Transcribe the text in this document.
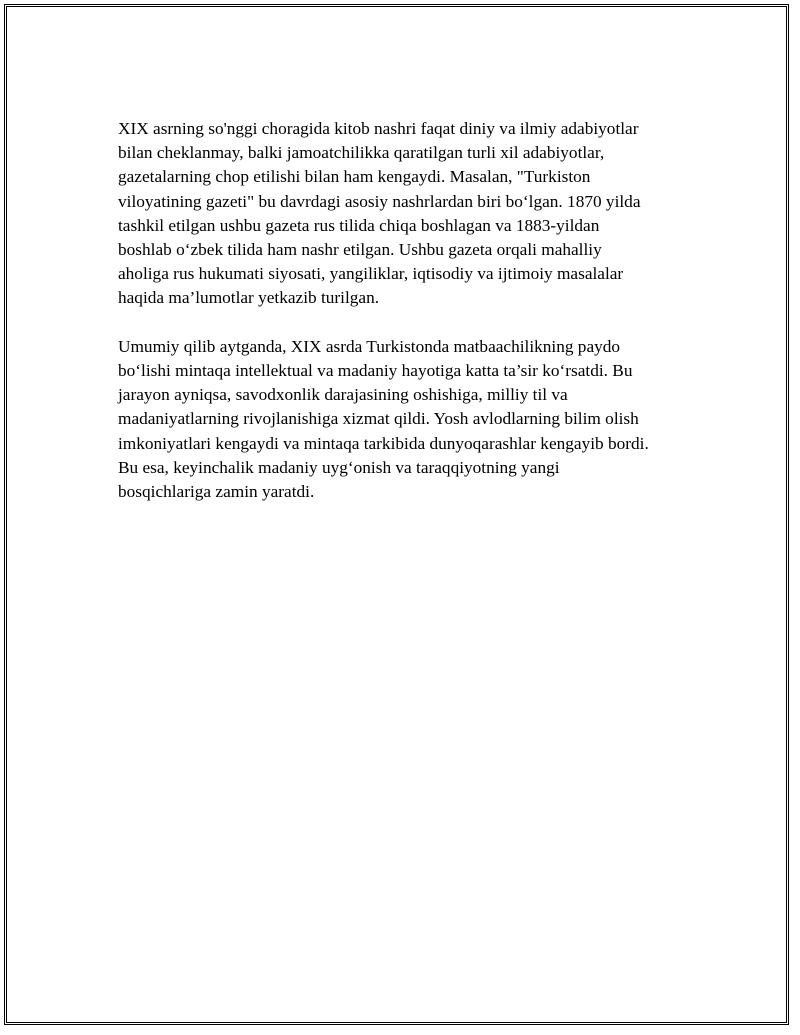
XIX asrning so'nggi choragida kitob nashri faqat diniy va ilmiy adabiyotlar
bilan cheklanmay, balki jamoatchilikka qaratilgan turli xil adabiyotlar,
gazetalarning chop etilishi bilan ham kengaydi. Masalan, "Turkiston
viloyatining gazeti" bu davrdagi asosiy nashrlardan biri bo‘lgan. 1870 yilda
tashkil etilgan ushbu gazeta rus tilida chiqa boshlagan va 1883-yildan
boshlab o‘zbek tilida ham nashr etilgan. Ushbu gazeta orqali mahalliy
aholiga rus hukumati siyosati, yangiliklar, iqtisodiy va ijtimoiy masalalar
haqida ma’lumotlar yetkazib turilgan.

Umumiy qilib aytganda, XIX asrda Turkistonda matbaachilikning paydo
bo‘lishi mintaqa intellektual va madaniy hayotiga katta ta’sir ko‘rsatdi. Bu
jarayon ayniqsa, savodxonlik darajasining oshishiga, milliy til va
madaniyatlarning rivojlanishiga xizmat qildi. Yosh avlodlarning bilim olish
imkoniyatlari kengaydi va mintaqa tarkibida dunyoqarashlar kengayib bordi.
Bu esa, keyinchalik madaniy uyg‘onish va taraqqiyotning yangi
bosqichlariga zamin yaratdi.
